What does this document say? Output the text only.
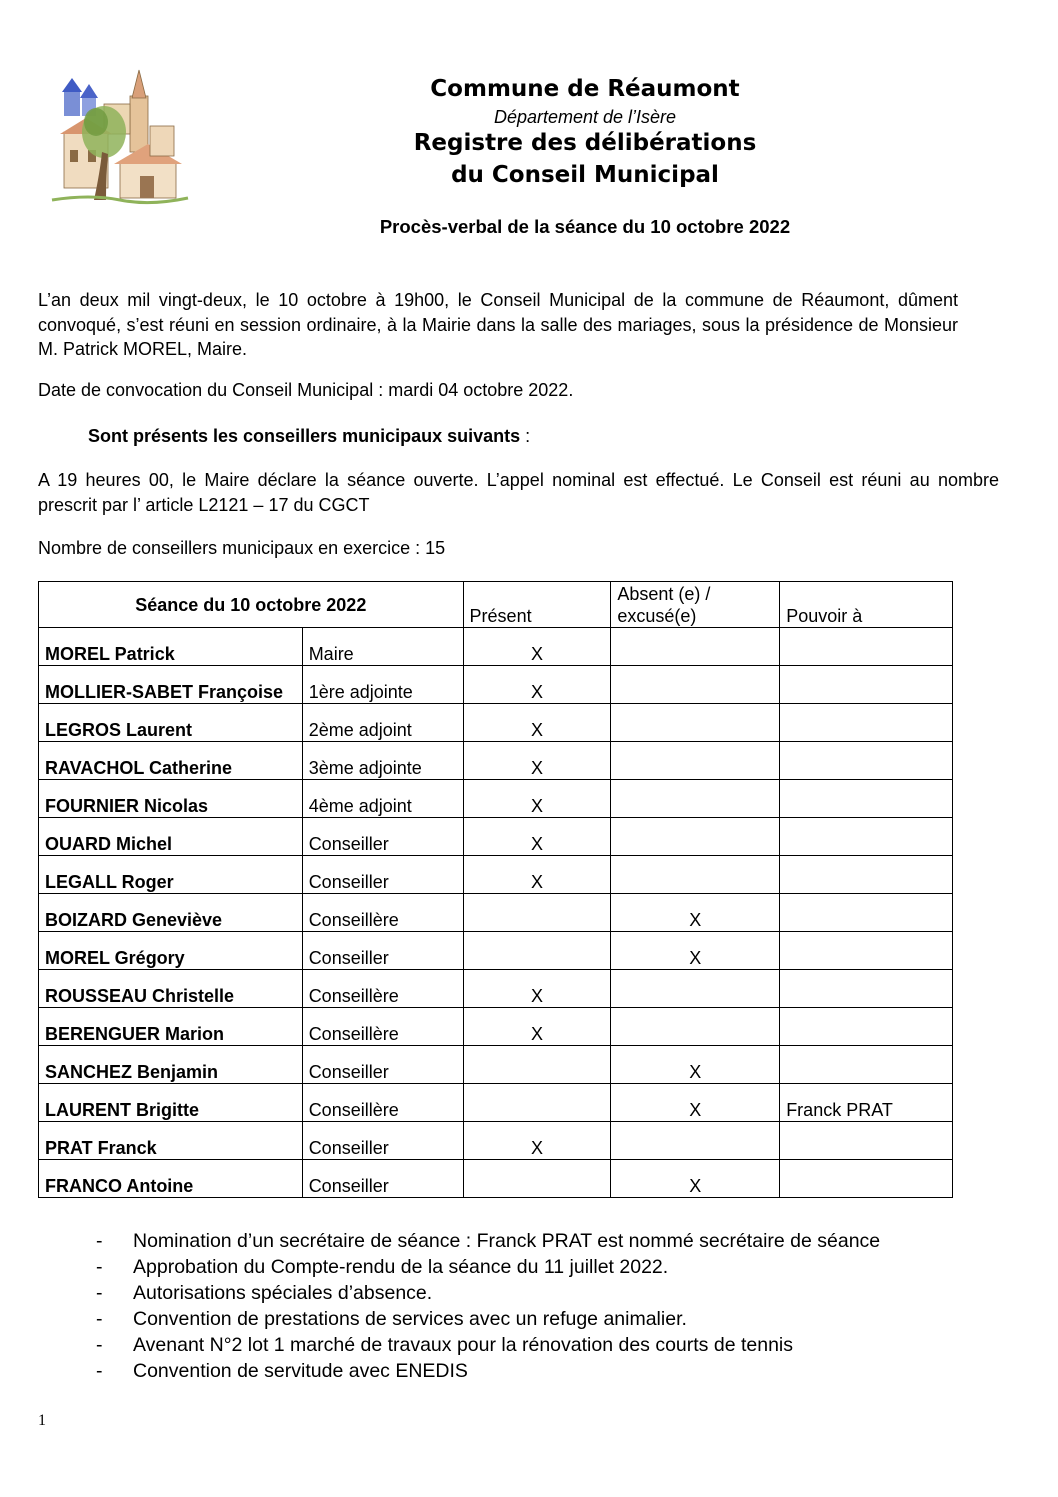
Commune de Réaumont
Département de l’Isère
Registre des délibérations
du Conseil Municipal
Procès-verbal de la séance du 10 octobre 2022
L’an deux mil vingt-deux, le 10 octobre à 19h00, le Conseil Municipal de la commune de Réaumont, dûment convoqué, s’est réuni en session ordinaire, à la Mairie dans la salle des mariages, sous la présidence de Monsieur M. Patrick MOREL, Maire.
Date de convocation du Conseil Municipal : mardi 04 octobre 2022.
Sont présents les conseillers municipaux suivants :
A 19 heures 00, le Maire déclare la séance ouverte. L’appel nominal est effectué. Le Conseil est réuni au nombre prescrit par l’ article L2121 – 17 du CGCT
Nombre de conseillers municipaux en exercice : 15
Séance du 10 octobre 2022		Présent	Absent (e) / excusé(e)	Pouvoir à
MOREL Patrick	Maire	X		
MOLLIER-SABET Françoise	1ère adjointe	X		
LEGROS Laurent	2ème adjoint	X		
RAVACHOL Catherine	3ème adjointe	X		
FOURNIER Nicolas	4ème adjoint	X		
OUARD Michel	Conseiller	X		
LEGALL Roger	Conseiller	X		
BOIZARD Geneviève	Conseillère		X	
MOREL Grégory	Conseiller		X	
ROUSSEAU Christelle	Conseillère	X		
BERENGUER Marion	Conseillère	X		
SANCHEZ Benjamin	Conseiller		X	
LAURENT Brigitte	Conseillère		X	Franck PRAT
PRAT Franck	Conseiller	X		
FRANCO Antoine	Conseiller		X	
- Nomination d’un secrétaire de séance : Franck PRAT est nommé secrétaire de séance
- Approbation du Compte-rendu de la séance du 11 juillet 2022.
- Autorisations spéciales d’absence.
- Convention de prestations de services avec un refuge animalier.
- Avenant N°2 lot 1 marché de travaux pour la rénovation des courts de tennis
- Convention de servitude avec ENEDIS
1
